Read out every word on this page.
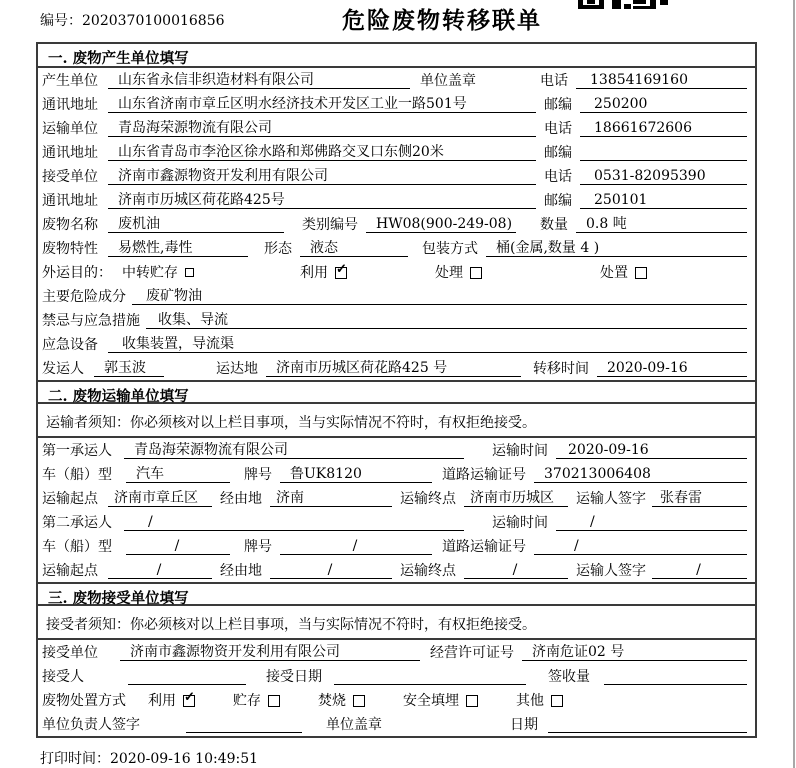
编号：2020370100016856	危险废物转移联单
一. 废物产生单位填写
产生单位	山东省永信非织造材料有限公司	单位盖章	电话	13854169160
通讯地址	山东省济南市章丘区明水经济技术开发区工业一路501号	邮编	250200
运输单位	青岛海荣源物流有限公司	电话	18661672606
通讯地址	山东省青岛市李沧区徐水路和郑佛路交叉口东侧20米	邮编
接受单位	济南市鑫源物资开发利用有限公司	电话	0531-82095390
通讯地址	济南市历城区荷花路425号	邮编	250101
废物名称	废机油	类别编号	HW08(900-249-08) 数量	0.8 吨
废物特性	易燃性,毒性	形态	液态	包装方式	桶(金属,数量 4 )
外运目的： 中转贮存	利用 ✓	处理	处置
主要危险成分	废矿物油
禁忌与应急措施	收集、导流
应急设备	收集装置，导流渠
发运人	郭玉波	运达地	济南市历城区荷花路425 号	转移时间	2020-09-16
二. 废物运输单位填写
运输者须知：你必须核对以上栏目事项，当与实际情况不符时，有权拒绝接受。
第一承运人	青岛海荣源物流有限公司	运输时间	2020-09-16
车（船）型	汽车	牌号	鲁UK8120	道路运输证号	370213006408
运输起点	济南市章丘区	经由地	济南	运输终点	济南市历城区	运输人签字	张春雷
第二承运人	/	运输时间	/
车（船）型	/	牌号	/	道路运输证号	/
运输起点	/	经由地	/	运输终点	/	运输人签字	/
三. 废物接受单位填写
接受者须知：你必须核对以上栏目事项，当与实际情况不符时，有权拒绝接受。
接受单位	济南市鑫源物资开发利用有限公司	经营许可证号	济南危证02 号
接受人	接受日期	签收量
废物处置方式 利用 ✓	贮存	焚烧	安全填埋	其他
单位负责人签字	单位盖章	日期
打印时间：2020-09-16 10:49:51
